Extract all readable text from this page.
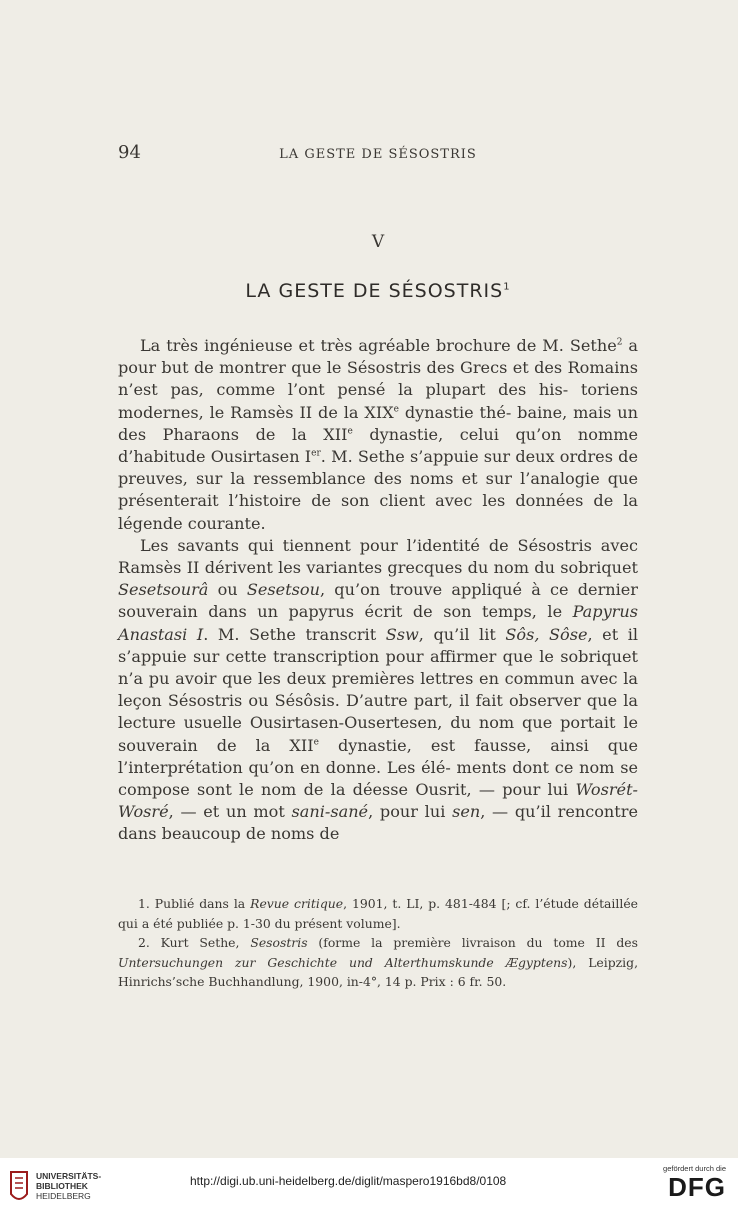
94	LA GESTE DE SÉSOSTRIS
V
LA GESTE DE SÉSOSTRIS$^1$

La très ingénieuse et très agréable brochure de M. Sethe$^2$ a pour but de montrer que le Sésostris des Grecs et des Romains n’est pas, comme l’ont pensé la plupart des his- toriens modernes, le Ramsès II de la XIXe dynastie thé- baine, mais un des Pharaons de la XIIe dynastie, celui qu’on nomme d’habitude Ousirtasen Ier. M. Sethe s’appuie sur deux ordres de preuves, sur la ressemblance des noms et sur l’analogie que présenterait l’histoire de son client avec les données de la légende courante.

Les savants qui tiennent pour l’identité de Sésostris avec Ramsès II dérivent les variantes grecques du nom du sobriquet Sesetsourâ ou Sesetsou, qu’on trouve appliqué à ce dernier souverain dans un papyrus écrit de son temps, le Papyrus Anastasi I. M. Sethe transcrit Ssw, qu’il lit Sôs, Sôse, et il s’appuie sur cette transcription pour affirmer que le sobriquet n’a pu avoir que les deux premières lettres en commun avec la leçon Sésostris ou Sésôsis. D’autre part, il fait observer que la lecture usuelle Ousirtasen-Ousertesen, du nom que portait le souverain de la XIIe dynastie, est fausse, ainsi que l’interprétation qu’on en donne. Les élé- ments dont ce nom se compose sont le nom de la déesse Ousrit, — pour lui Wosrét-Wosré, — et un mot sani-sané, pour lui sen, — qu’il rencontre dans beaucoup de noms de

1. Publié dans la Revue critique, 1901, t. LI, p. 481-484 [; cf. l’étude détaillée qui a été publiée p. 1-30 du présent volume].

2. Kurt Sethe, Sesostris (forme la première livraison du tome II des Untersuchungen zur Geschichte und Alterthumskunde Ægyptens), Leipzig, Hinrichs’sche Buchhandlung, 1900, in-4°, 14 p. Prix : 6 fr. 50.

UNIVERSITÄTS-
BIBLIOTHEK
HEIDELBERG
http://digi.ub.uni-heidelberg.de/diglit/maspero1916bd8/0108
gefördert durch die
DFG
